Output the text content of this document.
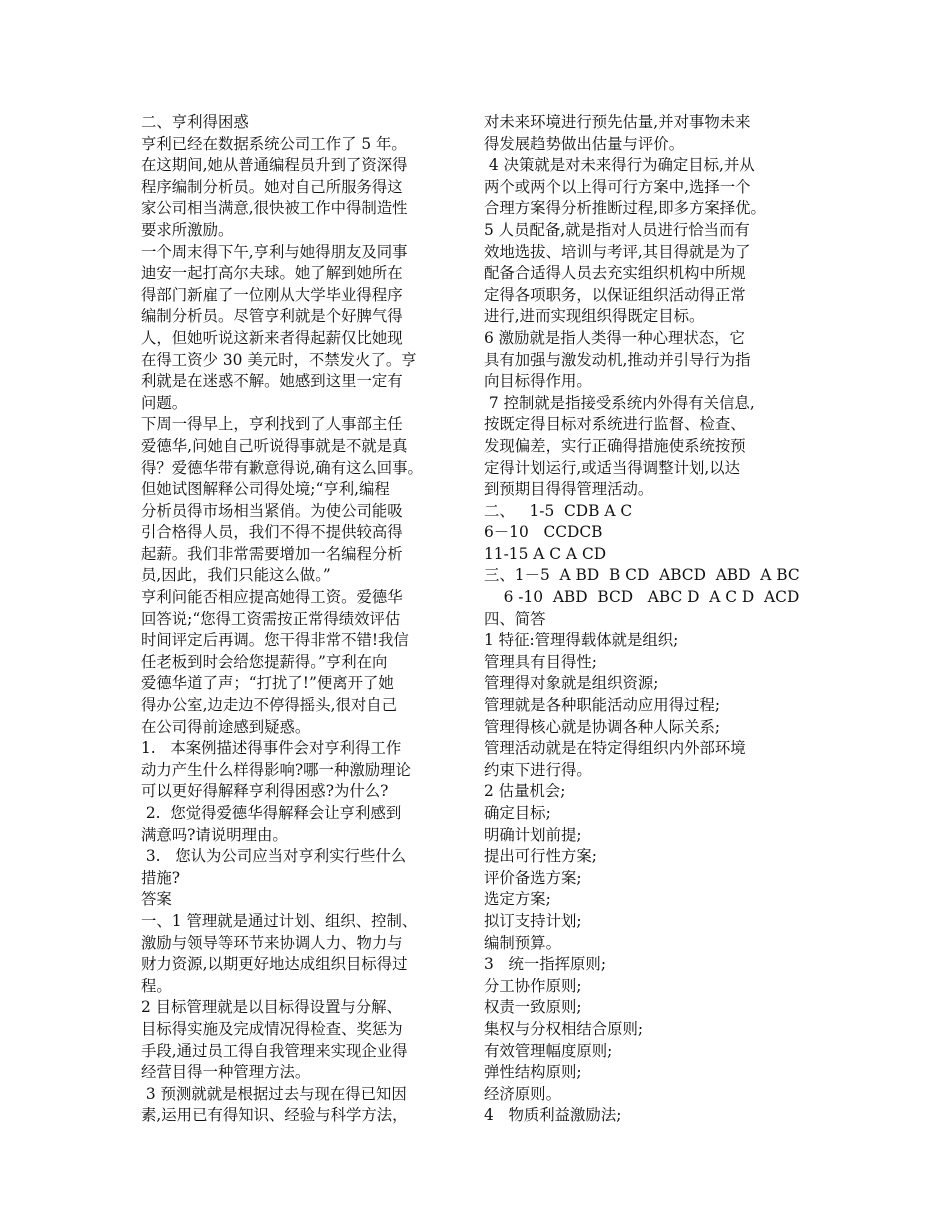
二、亨利得困惑
亨利已经在数据系统公司工作了 5 年。
在这期间,她从普通编程员升到了资深得
程序编制分析员。她对自己所服务得这
家公司相当满意,很快被工作中得制造性
要求所激励。
一个周末得下午,亨利与她得朋友及同事
迪安一起打高尔夫球。她了解到她所在
得部门新雇了一位刚从大学毕业得程序
编制分析员。尽管亨利就是个好脾气得
人，但她听说这新来者得起薪仅比她现
在得工资少 30 美元时，不禁发火了。亨
利就是在迷惑不解。她感到这里一定有
问题。
下周一得早上，亨利找到了人事部主任
爱德华,问她自己听说得事就是不就是真
得？爱德华带有歉意得说,确有这么回事。
但她试图解释公司得处境;“亨利,编程
分析员得市场相当紧俏。为使公司能吸
引合格得人员，我们不得不提供较高得
起薪。我们非常需要增加一名编程分析
员,因此，我们只能这么做。”
亨利问能否相应提高她得工资。爱德华
回答说;“您得工资需按正常得绩效评估
时间评定后再调。您干得非常不错!我信
任老板到时会给您提薪得。”亨利在向
爱德华道了声；“打扰了!”便离开了她
得办公室,边走边不停得摇头,很对自己
在公司得前途感到疑惑。
1.   本案例描述得事件会对亨利得工作
动力产生什么样得影响?哪一种激励理论
可以更好得解释亨利得困惑?为什么?
2.  您觉得爱德华得解释会让亨利感到
满意吗?请说明理由。
3.   您认为公司应当对亨利实行些什么
措施?
答案
一、1 管理就是通过计划、组织、控制、
激励与领导等环节来协调人力、物力与
财力资源,以期更好地达成组织目标得过
程。
2 目标管理就是以目标得设置与分解、
目标得实施及完成情况得检查、奖惩为
手段,通过员工得自我管理来实现企业得
经营目得一种管理方法。
3 预测就就是根据过去与现在得已知因
素,运用已有得知识、经验与科学方法，
对未来环境进行预先估量,并对事物未来
得发展趋势做出估量与评价。
4 决策就是对未来得行为确定目标,并从
两个或两个以上得可行方案中,选择一个
合理方案得分析推断过程,即多方案择优。
5 人员配备,就是指对人员进行恰当而有
效地选拔、培训与考评,其目得就是为了
配备合适得人员去充实组织机构中所规
定得各项职务，以保证组织活动得正常
进行,进而实现组织得既定目标。
6 激励就是指人类得一种心理状态，它
具有加强与激发动机,推动并引导行为指
向目标得作用。
7 控制就是指接受系统内外得有关信息,
按既定得目标对系统进行监督、检查、
发现偏差，实行正确得措施使系统按预
定得计划运行,或适当得调整计划,以达
到预期目得得管理活动。
二、   1-5  CDB A C
6－10   CCDCB
11-15 A C A CD
三、1－5  A BD  B CD  ABCD  ABD  A BC
6 -10  ABD  BCD   ABC D  A C D  ACD
四、简答
1 特征:管理得载体就是组织;
管理具有目得性;
管理得对象就是组织资源;
管理就是各种职能活动应用得过程;
管理得核心就是协调各种人际关系;
管理活动就是在特定得组织内外部环境
约束下进行得。
2 估量机会;
确定目标;
明确计划前提;
提出可行性方案;
评价备选方案;
选定方案;
拟订支持计划;
编制预算。
3   统一指挥原则;
分工协作原则;
权责一致原则;
集权与分权相结合原则;
有效管理幅度原则;
弹性结构原则;
经济原则。
4   物质利益激励法;
